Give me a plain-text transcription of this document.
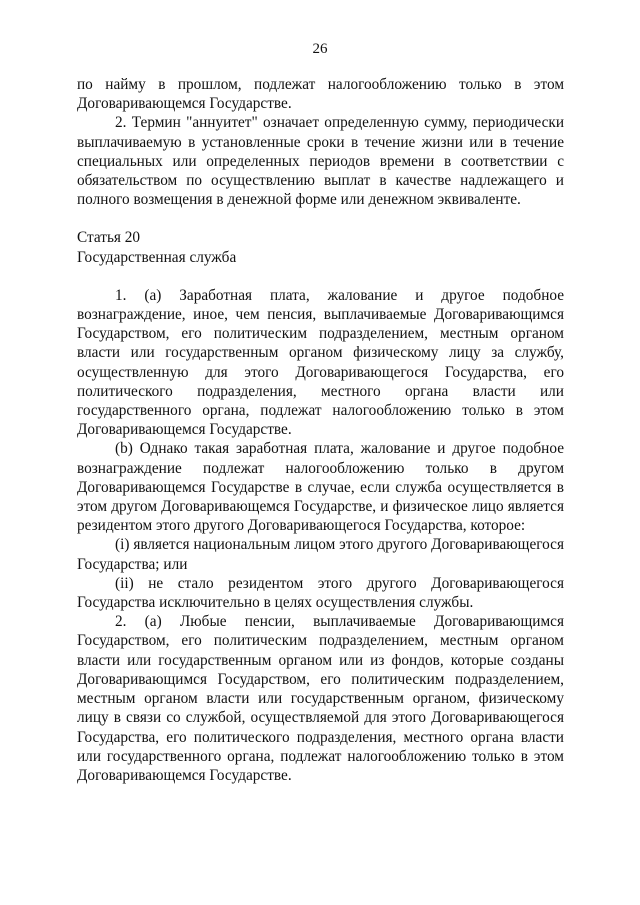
26

по найму в прошлом, подлежат налогообложению только в этом Договаривающемся Государстве.

2. Термин "аннуитет" означает определенную сумму, периодически выплачиваемую в установленные сроки в течение жизни или в течение специальных или определенных периодов времени в соответствии с обязательством по осуществлению выплат в качестве надлежащего и полного возмещения в денежной форме или денежном эквиваленте.

Статья 20

Государственная служба

1. (a) Заработная плата, жалование и другое подобное вознаграждение, иное, чем пенсия, выплачиваемые Договаривающимся Государством, его политическим подразделением, местным органом власти или государственным органом физическому лицу за службу, осуществленную для этого Договаривающегося Государства, его политического подразделения, местного органа власти или государственного органа, подлежат налогообложению только в этом Договаривающемся Государстве.

(b) Однако такая заработная плата, жалование и другое подобное вознаграждение подлежат налогообложению только в другом Договаривающемся Государстве в случае, если служба осуществляется в этом другом Договаривающемся Государстве, и физическое лицо является резидентом этого другого Договаривающегося Государства, которое:

(i) является национальным лицом этого другого Договаривающегося Государства; или

(ii) не стало резидентом этого другого Договаривающегося Государства исключительно в целях осуществления службы.

2. (a) Любые пенсии, выплачиваемые Договаривающимся Государством, его политическим подразделением, местным органом власти или государственным органом или из фондов, которые созданы Договаривающимся Государством, его политическим подразделением, местным органом власти или государственным органом, физическому лицу в связи со службой, осуществляемой для этого Договаривающегося Государства, его политического подразделения, местного органа власти или государственного органа, подлежат налогообложению только в этом Договаривающемся Государстве.
